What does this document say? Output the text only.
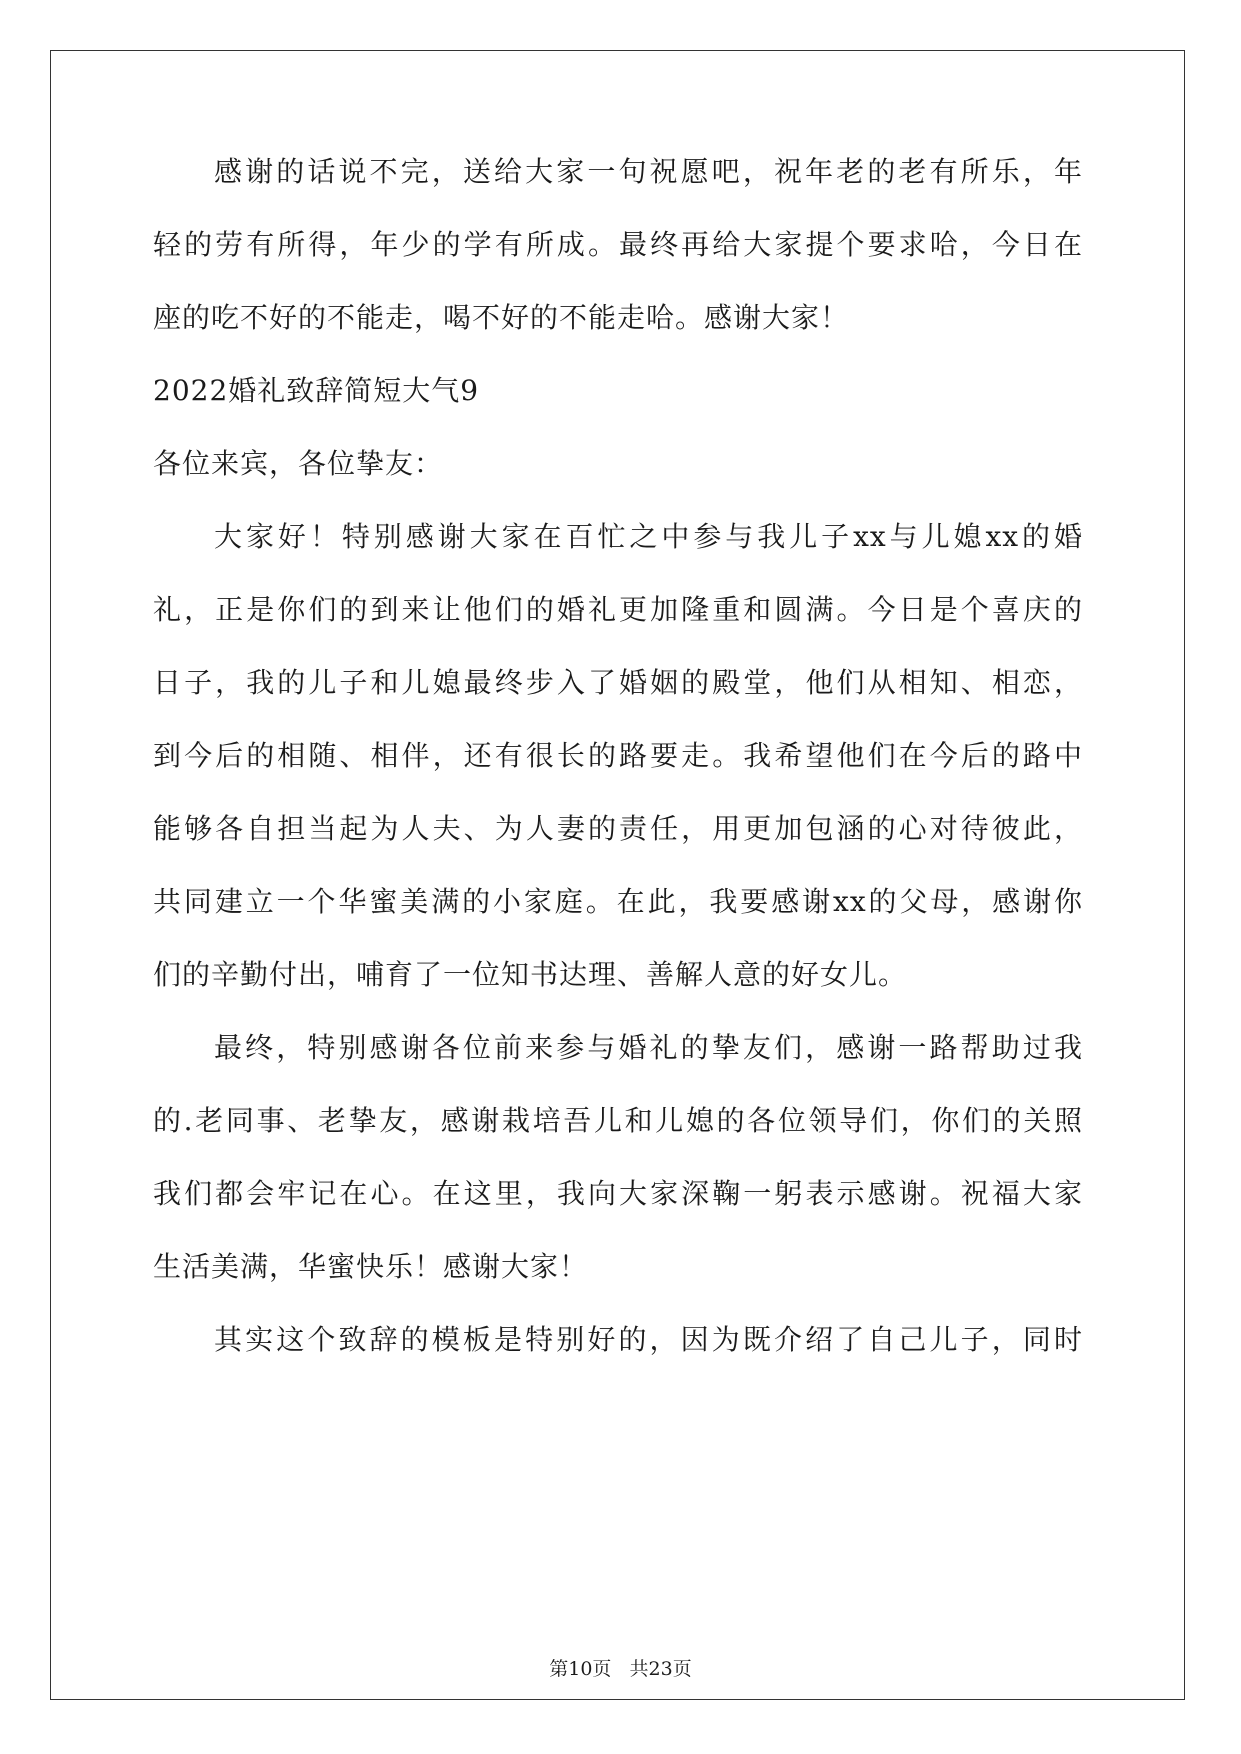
感谢的话说不完，送给大家一句祝愿吧，祝年老的老有所乐，年
轻的劳有所得，年少的学有所成。最终再给大家提个要求哈，今日在
座的吃不好的不能走，喝不好的不能走哈。感谢大家！
2022婚礼致辞简短大气9
各位来宾，各位挚友：
大家好！特别感谢大家在百忙之中参与我儿子xx与儿媳xx的婚
礼，正是你们的到来让他们的婚礼更加隆重和圆满。今日是个喜庆的
日子，我的儿子和儿媳最终步入了婚姻的殿堂，他们从相知、相恋，
到今后的相随、相伴，还有很长的路要走。我希望他们在今后的路中
能够各自担当起为人夫、为人妻的责任，用更加包涵的心对待彼此，
共同建立一个华蜜美满的小家庭。在此，我要感谢xx的父母，感谢你
们的辛勤付出，哺育了一位知书达理、善解人意的好女儿。
最终，特别感谢各位前来参与婚礼的挚友们，感谢一路帮助过我
的.老同事、老挚友，感谢栽培吾儿和儿媳的各位领导们，你们的关照
我们都会牢记在心。在这里，我向大家深鞠一躬表示感谢。祝福大家
生活美满，华蜜快乐！感谢大家！
其实这个致辞的模板是特别好的，因为既介绍了自己儿子，同时
第10页   共23页
